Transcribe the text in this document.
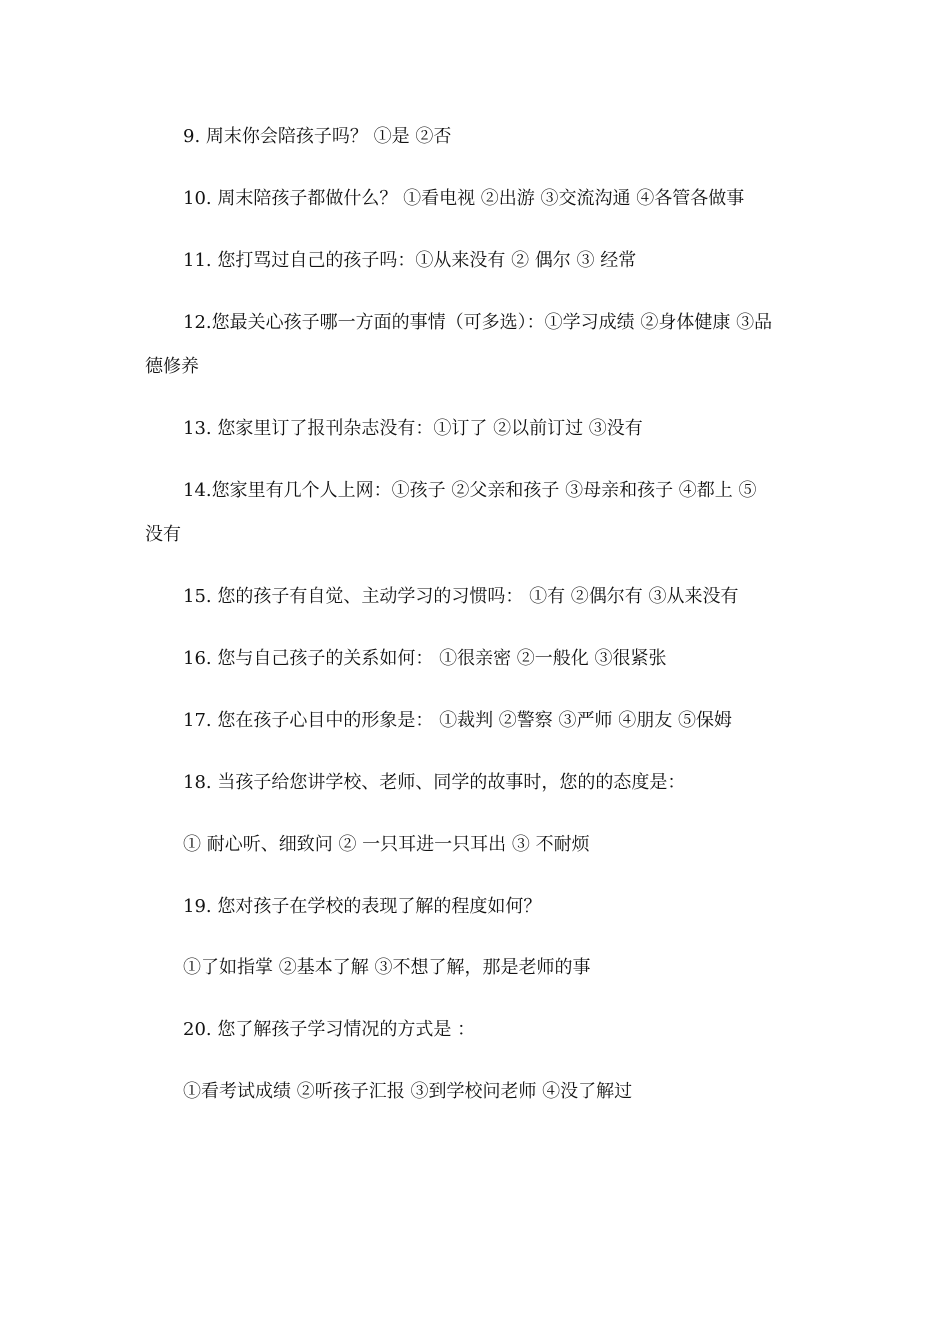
9. 周末你会陪孩子吗？ ①是 ②否
10. 周末陪孩子都做什么？ ①看电视 ②出游 ③交流沟通 ④各管各做事
11. 您打骂过自己的孩子吗：①从来没有 ② 偶尔 ③ 经常
12.您最关心孩子哪一方面的事情（可多选）：①学习成绩 ②身体健康 ③品
德修养
13. 您家里订了报刊杂志没有：①订了 ②以前订过 ③没有
14.您家里有几个人上网：①孩子 ②父亲和孩子 ③母亲和孩子 ④都上 ⑤
没有
15. 您的孩子有自觉、主动学习的习惯吗： ①有 ②偶尔有 ③从来没有
16. 您与自己孩子的关系如何： ①很亲密 ②一般化 ③很紧张
17. 您在孩子心目中的形象是： ①裁判 ②警察 ③严师 ④朋友 ⑤保姆
18. 当孩子给您讲学校、老师、同学的故事时，您的的态度是：
① 耐心听、细致问 ② 一只耳进一只耳出 ③ 不耐烦
19. 您对孩子在学校的表现了解的程度如何？
①了如指掌 ②基本了解 ③不想了解，那是老师的事
20. 您了解孩子学习情况的方式是 ：
①看考试成绩 ②听孩子汇报 ③到学校问老师 ④没了解过
